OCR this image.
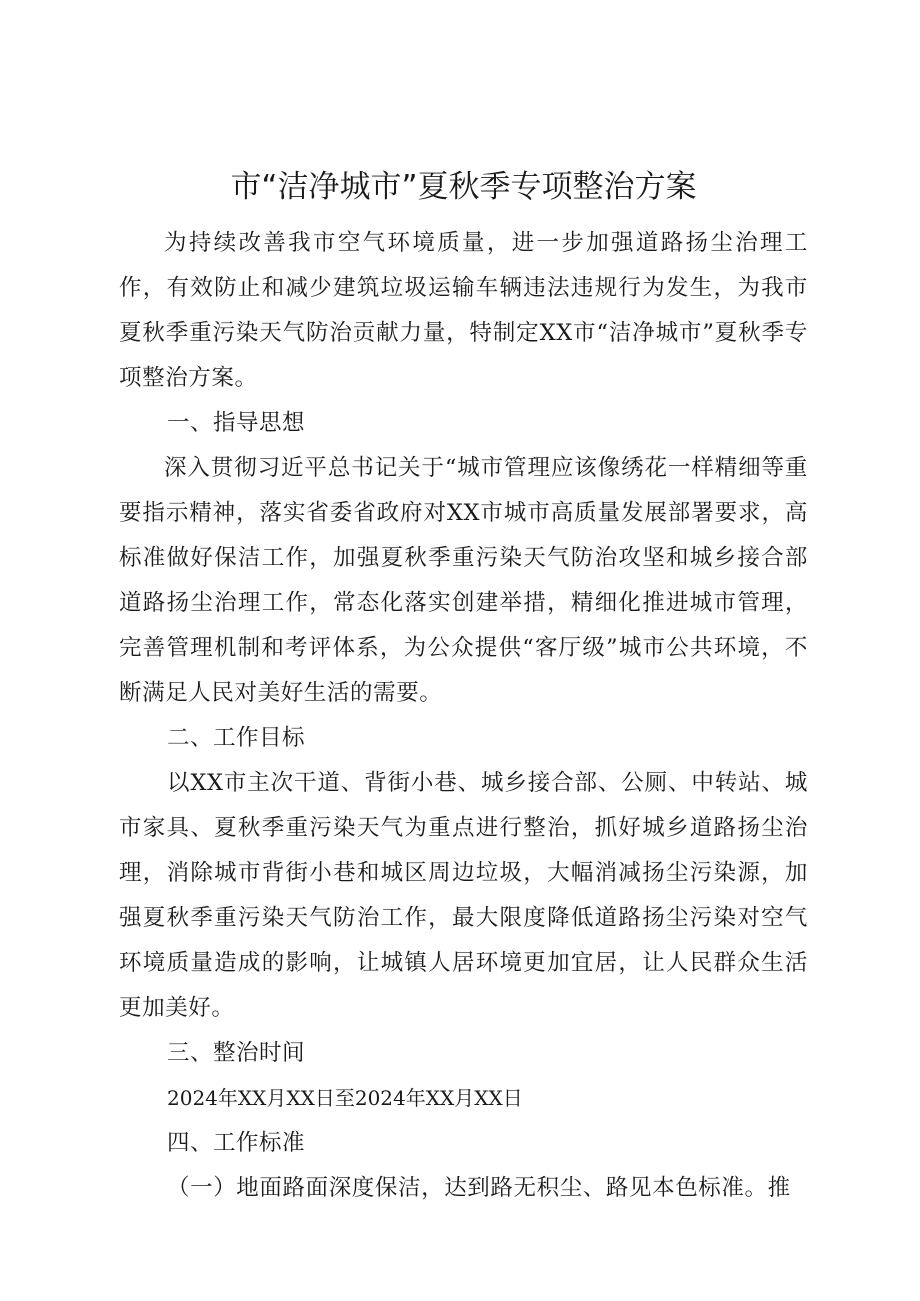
市“洁净城市”夏秋季专项整治方案

为持续改善我市空气环境质量，进一步加强道路扬尘治理工作，有效防止和减少建筑垃圾运输车辆违法违规行为发生，为我市夏秋季重污染天气防治贡献力量，特制定XX市“洁净城市”夏秋季专项整治方案。

一、指导思想

深入贯彻习近平总书记关于“城市管理应该像绣花一样精细等重要指示精神，落实省委省政府对XX市城市高质量发展部署要求，高标准做好保洁工作，加强夏秋季重污染天气防治攻坚和城乡接合部道路扬尘治理工作，常态化落实创建举措，精细化推进城市管理，完善管理机制和考评体系，为公众提供“客厅级”城市公共环境，不断满足人民对美好生活的需要。

二、工作目标

以XX市主次干道、背街小巷、城乡接合部、公厕、中转站、城市家具、夏秋季重污染天气为重点进行整治，抓好城乡道路扬尘治理，消除城市背街小巷和城区周边垃圾，大幅消减扬尘污染源，加强夏秋季重污染天气防治工作，最大限度降低道路扬尘污染对空气环境质量造成的影响，让城镇人居环境更加宜居，让人民群众生活更加美好。

三、整治时间

2024年XX月XX日至2024年XX月XX日

四、工作标准

（一）地面路面深度保洁，达到路无积尘、路见本色标准。推
